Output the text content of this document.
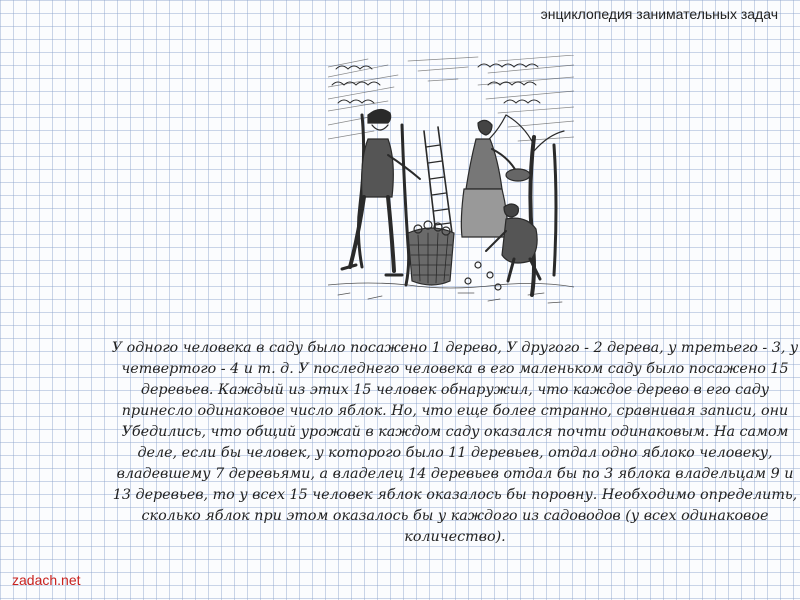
энциклопедия занимательных задач

У одного человека в саду было посажено 1 дерево, У другого - 2 дерева, у третьего - 3, у четвертого - 4 и т. д. У последнего человека в его маленьком саду было посажено 15 деревьев. Каждый из этих 15 человек обнаружил, что каждое дерево в его саду принесло одинаковое число яблок. Но, что еще более странно, сравнивая записи, они Убедились, что общий урожай в каждом саду оказался почти одинаковым. На самом деле, если бы человек, у которого было 11 деревьев, отдал одно яблоко человеку, владевшему 7 деревьями, а владелец 14 деревьев отдал бы по 3 яблока владельцам 9 и 13 деревьев, то у всех 15 человек яблок оказалось бы поровну. Необходимо определить, сколько яблок при этом оказалось бы у каждого из садоводов (у всех одинаковое количество).

zadach.net
